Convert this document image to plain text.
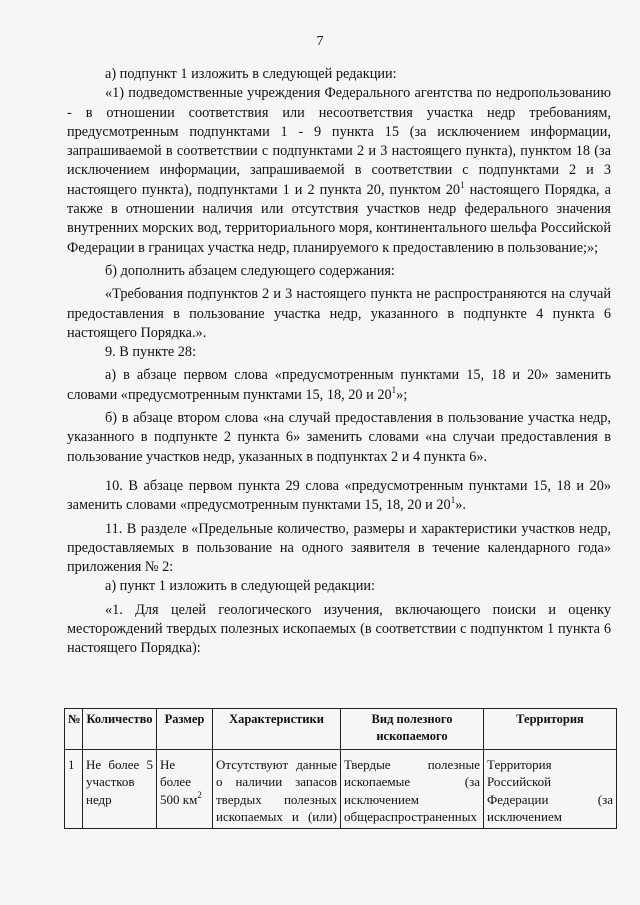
7

а) подпункт 1 изложить в следующей редакции:

«1) подведомственные учреждения Федерального агентства по недропользованию - в отношении соответствия или несоответствия участка недр требованиям, предусмотренным подпунктами 1 - 9 пункта 15 (за исключением информации, запрашиваемой в соответствии с подпунктами 2 и 3 настоящего пункта), пунктом 18 (за исключением информации, запрашиваемой в соответствии с подпунктами 2 и 3 настоящего пункта), подпунктами 1 и 2 пункта 20, пунктом $20^1$ настоящего Порядка, а также в отношении наличия или отсутствия участков недр федерального значения внутренних морских вод, территориального моря, континентального шельфа Российской Федерации в границах участка недр, планируемого к предоставлению в пользование;»;

б) дополнить абзацем следующего содержания:

«Требования подпунктов 2 и 3 настоящего пункта не распространяются на случай предоставления в пользование участка недр, указанного в подпункте 4 пункта 6 настоящего Порядка.».

9. В пункте 28:

а) в абзаце первом слова «предусмотренным пунктами 15, 18 и 20» заменить словами «предусмотренным пунктами 15, 18, 20 и $20^1$»;

б) в абзаце втором слова «на случай предоставления в пользование участка недр, указанного в подпункте 2 пункта 6» заменить словами «на случаи предоставления в пользование участков недр, указанных в подпунктах 2 и 4 пункта 6».

10. В абзаце первом пункта 29 слова «предусмотренным пунктами 15, 18 и 20» заменить словами «предусмотренным пунктами 15, 18, 20 и $20^1$».

11. В разделе «Предельные количество, размеры и характеристики участков недр, предоставляемых в пользование на одного заявителя в течение календарного года» приложения № 2:

а) пункт 1 изложить в следующей редакции:

«1. Для целей геологического изучения, включающего поиски и оценку месторождений твердых полезных ископаемых (в соответствии с подпунктом 1 пункта 6 настоящего Порядка):

№	Количество	Размер	Характеристики	Вид полезного ископаемого	Территория
1	Не более 5 участков недр	Не более 500 $км^2$	Отсутствуют данные о наличии запасов твердых полезных ископаемых и (или)	Твердые полезные ископаемые (за исключением общераспространенных	Территория Российской Федерации (за исключением
